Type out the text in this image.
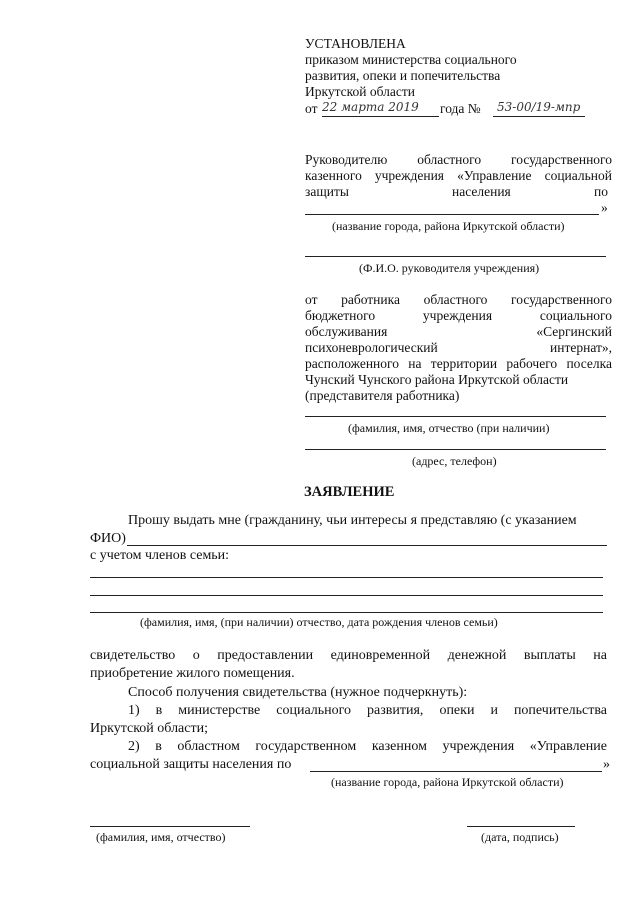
УСТАНОВЛЕНА
приказом министерства социального
развития, опеки и попечительства
Иркутской области
от 22 марта 2019 года № 53-00/19-мпр
Руководителю областного государственного
казенного учреждения «Управление социальной
защиты	населения	по
»
(название города, района Иркутской области)
(Ф.И.О. руководителя учреждения)
от работника областного государственного
бюджетного учреждения социального
обслуживания «Сергинский
психоневрологический интернат»,
расположенного на территории рабочего поселка
Чунский Чунского района Иркутской области
(представителя работника)
(фамилия, имя, отчество (при наличии)
(адрес, телефон)
ЗАЯВЛЕНИЕ
Прошу выдать мне (гражданину, чьи интересы я представляю (с указанием
ФИО)
с учетом членов семьи:
(фамилия, имя, (при наличии) отчество, дата рождения членов семьи)
свидетельство о предоставлении единовременной денежной выплаты на
приобретение жилого помещения.
Способ получения свидетельства (нужное подчеркнуть):
1) в министерстве социального развития, опеки и попечительства
Иркутской области;
2) в областном государственном казенном учреждения «Управление
социальной защиты населения по	»
(название города, района Иркутской области)
(фамилия, имя, отчество)	(дата, подпись)
